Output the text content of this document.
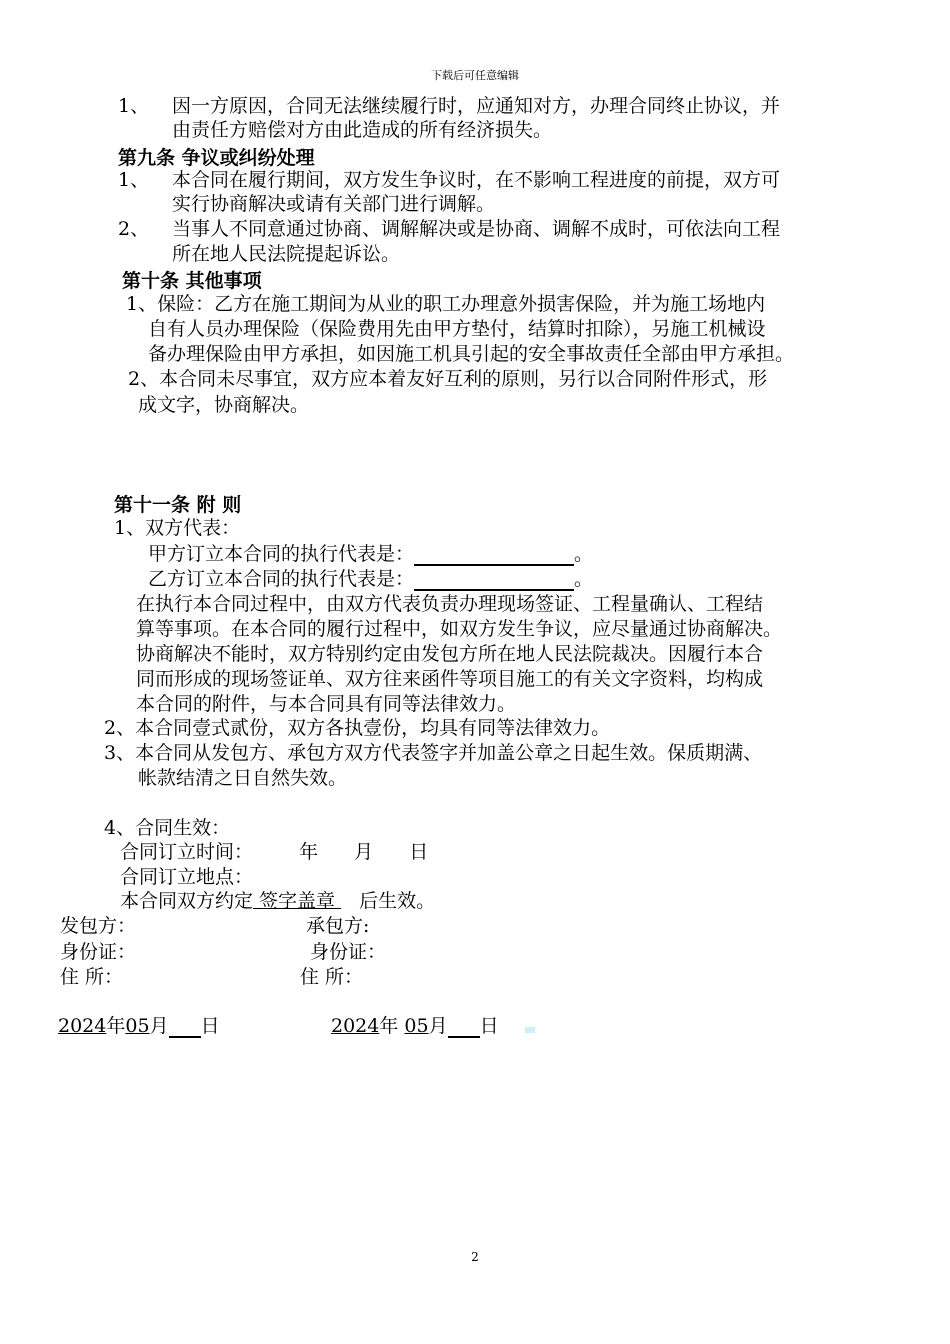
下载后可任意编辑
1、 因一方原因，合同无法继续履行时，应通知对方，办理合同终止协议，并
由责任方赔偿对方由此造成的所有经济损失。
第九条 争议或纠纷处理
1、 本合同在履行期间，双方发生争议时，在不影响工程进度的前提，双方可
实行协商解决或请有关部门进行调解。
2、 当事人不同意通过协商、调解解决或是协商、调解不成时，可依法向工程
所在地人民法院提起诉讼。
第十条 其他事项
1、保险：乙方在施工期间为从业的职工办理意外损害保险，并为施工场地内
自有人员办理保险（保险费用先由甲方垫付，结算时扣除），另施工机械设
备办理保险由甲方承担，如因施工机具引起的安全事故责任全部由甲方承担。
2、本合同未尽事宜，双方应本着友好互利的原则，另行以合同附件形式，形
成文字，协商解决。
第十一条 附 则
1、双方代表：
甲方订立本合同的执行代表是：	。
乙方订立本合同的执行代表是：	。
在执行本合同过程中，由双方代表负责办理现场签证、工程量确认、工程结
算等事项。在本合同的履行过程中，如双方发生争议，应尽量通过协商解决。
协商解决不能时，双方特别约定由发包方所在地人民法院裁决。因履行本合
同而形成的现场签证单、双方往来函件等项目施工的有关文字资料，均构成
本合同的附件，与本合同具有同等法律效力。
2、本合同壹式贰份，双方各执壹份，均具有同等法律效力。
3、本合同从发包方、承包方双方代表签字并加盖公章之日起生效。保质期满、
帐款结清之日自然失效。
4、合同生效：
合同订立时间： 年 月 日
合同订立地点：
本合同双方约定 签字盖章 后生效。
发包方：	承包方:
身份证：	身份证：
住 所：	住 所：
2024年05月 日	2024年 05月 日
2
